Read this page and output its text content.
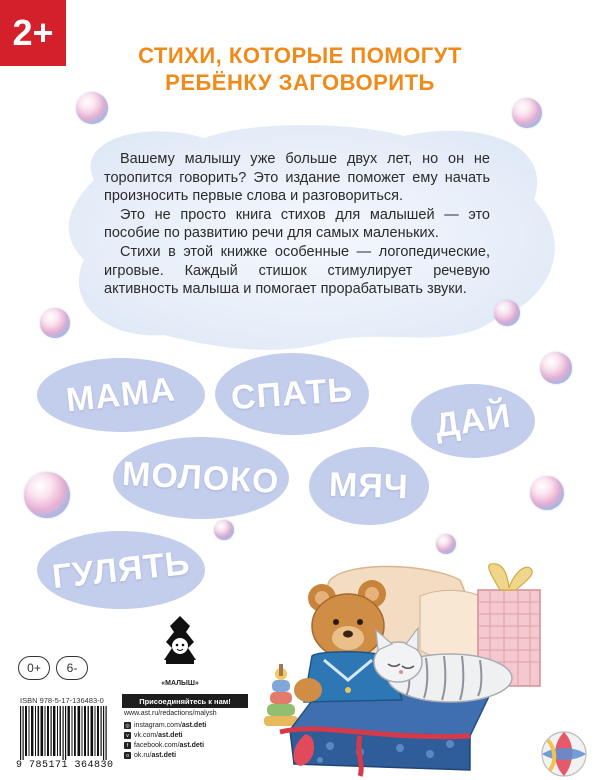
2+
СТИХИ, КОТОРЫЕ ПОМОГУТ
РЕБЁНКУ ЗАГОВОРИТЬ

Вашему малышу уже больше двух лет, но он не торопится говорить? Это издание поможет ему начать произносить первые слова и разговориться.

Это не просто книга стихов для малышей — это пособие по развитию речи для самых маленьких.

Стихи в этой книжке особенные — логопедические, игровые. Каждый стишок стимулирует речевую активность малыша и помогает прорабатывать звуки.

МАМА СПАТЬ
ДАЙ
МОЛОКО МЯЧ
ГУЛЯТЬ
0+	6-
«МАЛЫШ»
Присоединяйтесь к нам!
www.ast.ru/redactions/malysh
◎ instagram.com/ ast.deti
v vk.com/ ast.deti
f facebook.com/ ast.deti
о ok.ru/ ast.deti
ISBN 978-5-17-136483-0
9 785171 364830
